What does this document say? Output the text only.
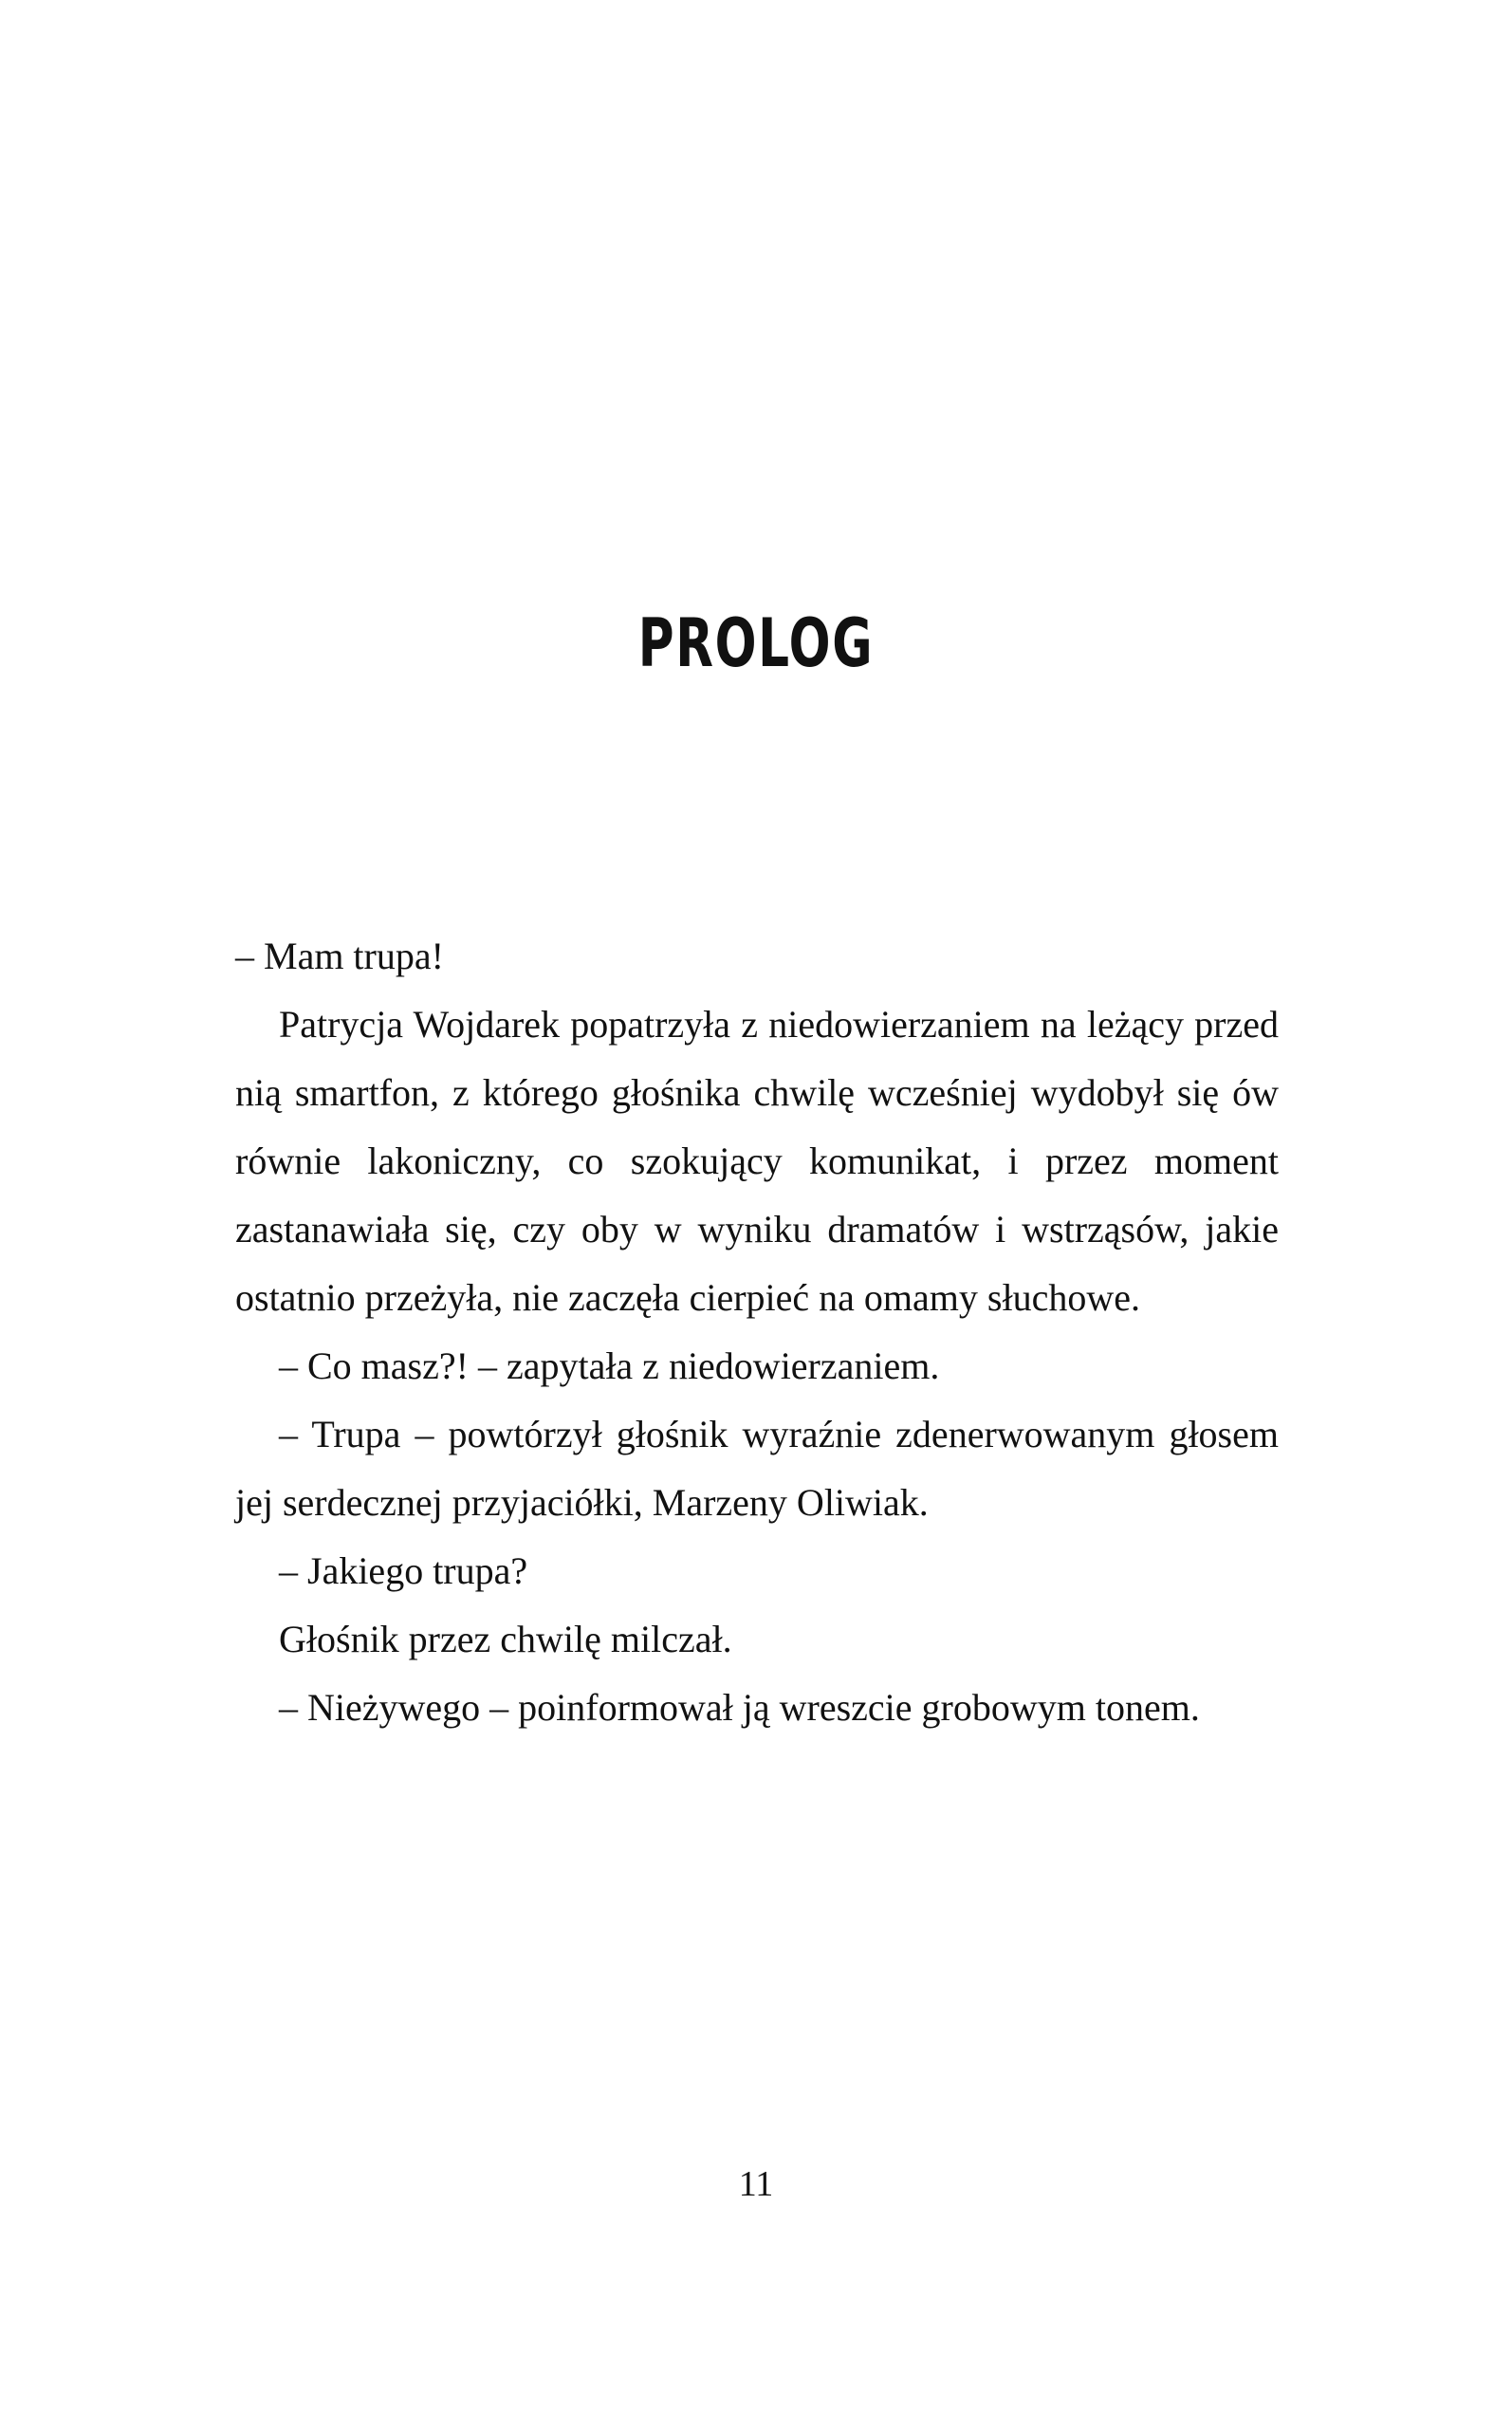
PROLOG

– Mam trupa!

Patrycja Wojdarek popatrzyła z niedowierzaniem na leżący przed nią smartfon, z którego głośnika chwilę wcześniej wydobył się ów równie lakoniczny, co szokujący komunikat, i przez moment zastanawiała się, czy oby w wyniku dramatów i wstrząsów, jakie ostatnio przeżyła, nie zaczęła cierpieć na omamy słuchowe.

– Co masz?! – zapytała z niedowierzaniem.

– Trupa – powtórzył głośnik wyraźnie zdenerwowanym głosem jej serdecznej przyjaciółki, Marzeny Oliwiak.

– Jakiego trupa?

Głośnik przez chwilę milczał.

– Nieżywego – poinformował ją wreszcie grobowym tonem.

11
